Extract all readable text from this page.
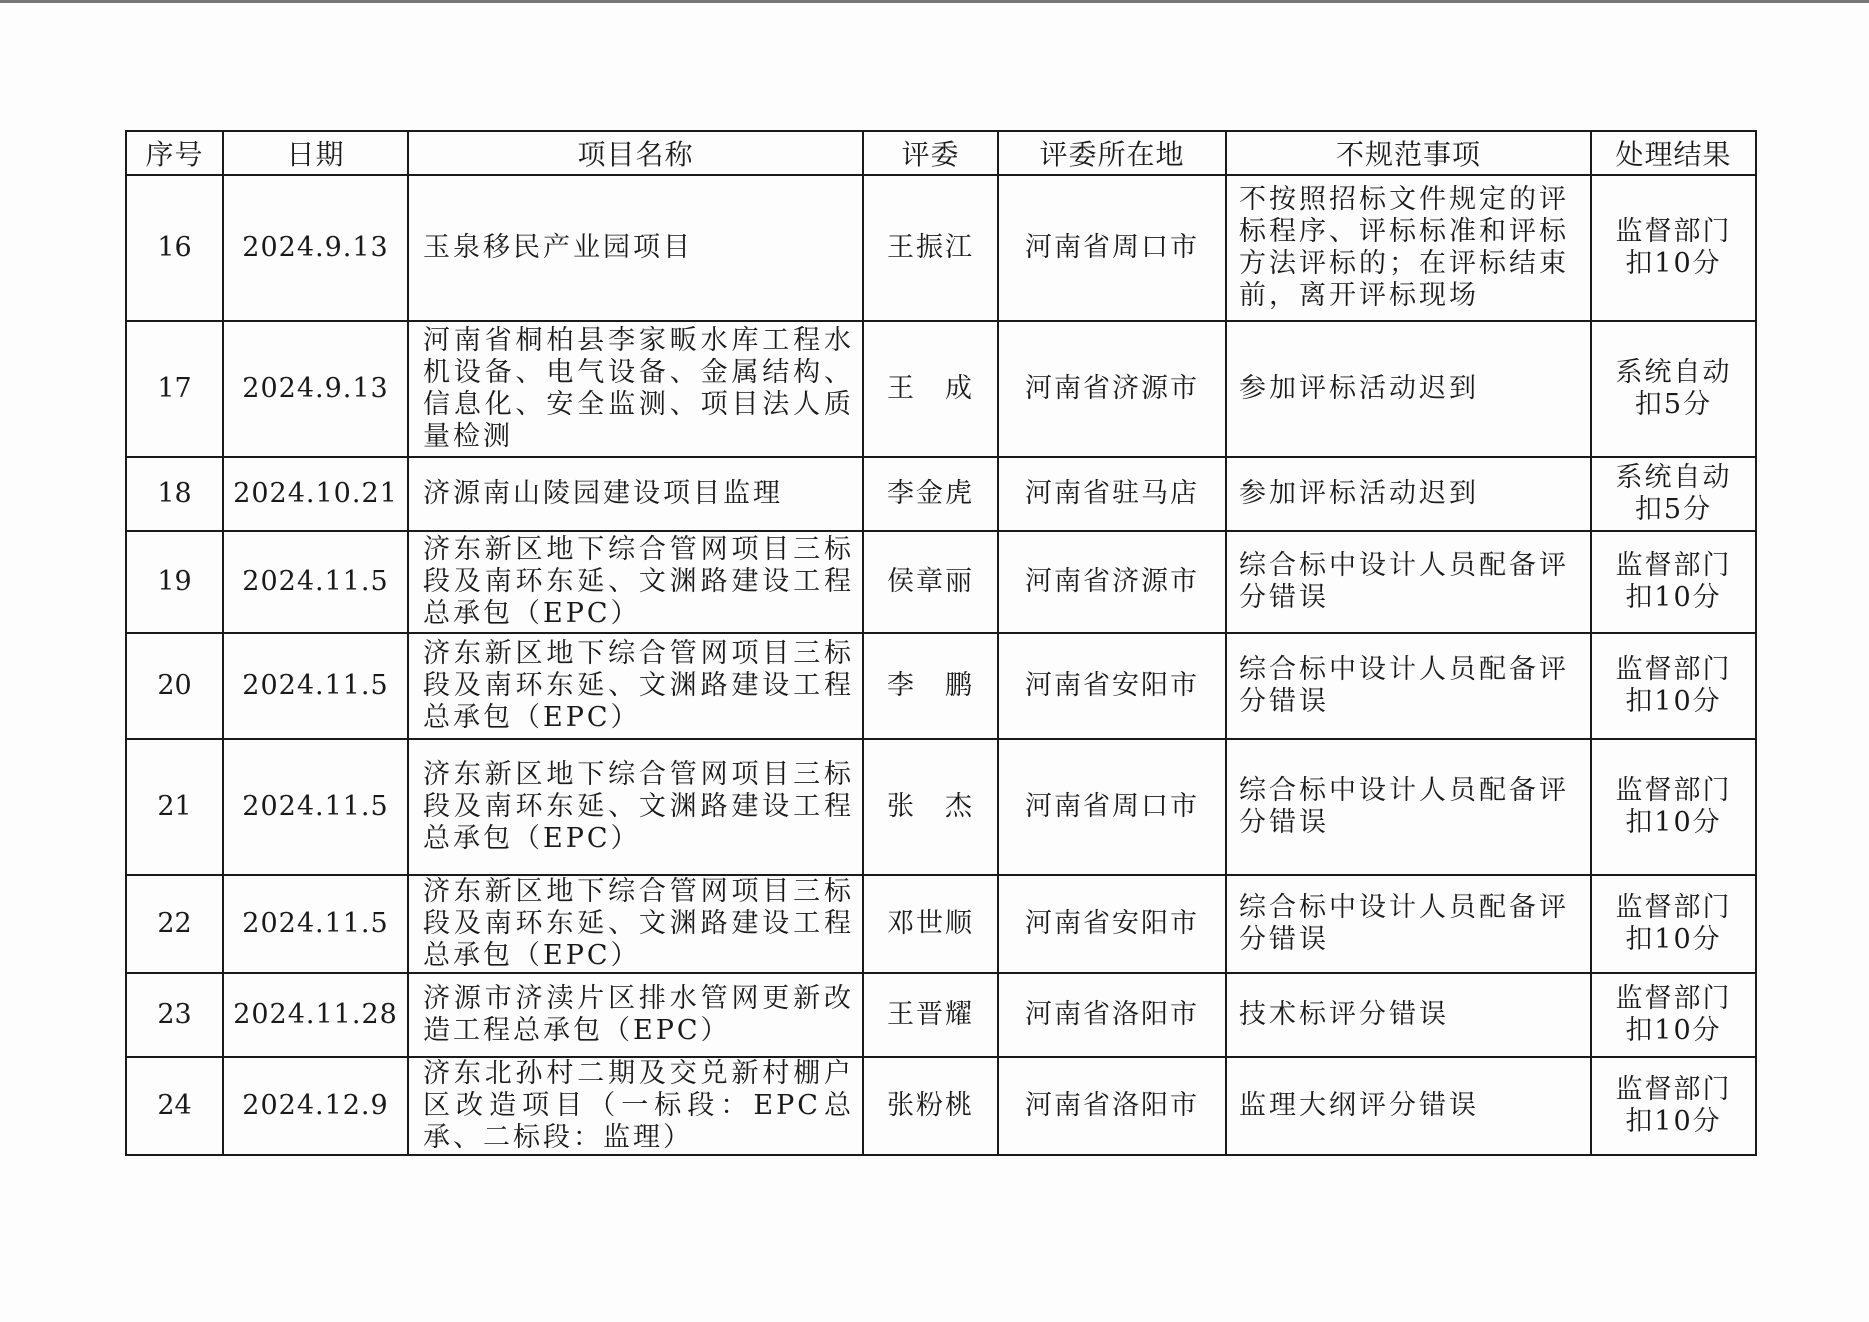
序号	日期	项目名称	评委	评委所在地	不规范事项	处理结果
16	2024.9.13	玉泉移民产业园项目	王振江	河南省周口市	不按照招标文件规定的评标程序、评标标准和评标方法评标的；在评标结束前，离开评标现场	监督部门扣10分
17	2024.9.13	河南省桐柏县李家畈水库工程水机设备、电气设备、金属结构、信息化、安全监测、项目法人质量检测	王　成	河南省济源市	参加评标活动迟到	系统自动扣5分
18	2024.10.21	济源南山陵园建设项目监理	李金虎	河南省驻马店	参加评标活动迟到	系统自动扣5分
19	2024.11.5	济东新区地下综合管网项目三标段及南环东延、文渊路建设工程总承包（EPC）	侯章丽	河南省济源市	综合标中设计人员配备评分错误	监督部门扣10分
20	2024.11.5	济东新区地下综合管网项目三标段及南环东延、文渊路建设工程总承包（EPC）	李　鹏	河南省安阳市	综合标中设计人员配备评分错误	监督部门扣10分
21	2024.11.5	济东新区地下综合管网项目三标段及南环东延、文渊路建设工程总承包（EPC）	张　杰	河南省周口市	综合标中设计人员配备评分错误	监督部门扣10分
22	2024.11.5	济东新区地下综合管网项目三标段及南环东延、文渊路建设工程总承包（EPC）	邓世顺	河南省安阳市	综合标中设计人员配备评分错误	监督部门扣10分
23	2024.11.28	济源市济渎片区排水管网更新改造工程总承包（EPC）	王晋耀	河南省洛阳市	技术标评分错误	监督部门扣10分
24	2024.12.9	济东北孙村二期及交兑新村棚户区改造项目（一标段：EPC总承、二标段：监理）	张粉桃	河南省洛阳市	监理大纲评分错误	监督部门扣10分
